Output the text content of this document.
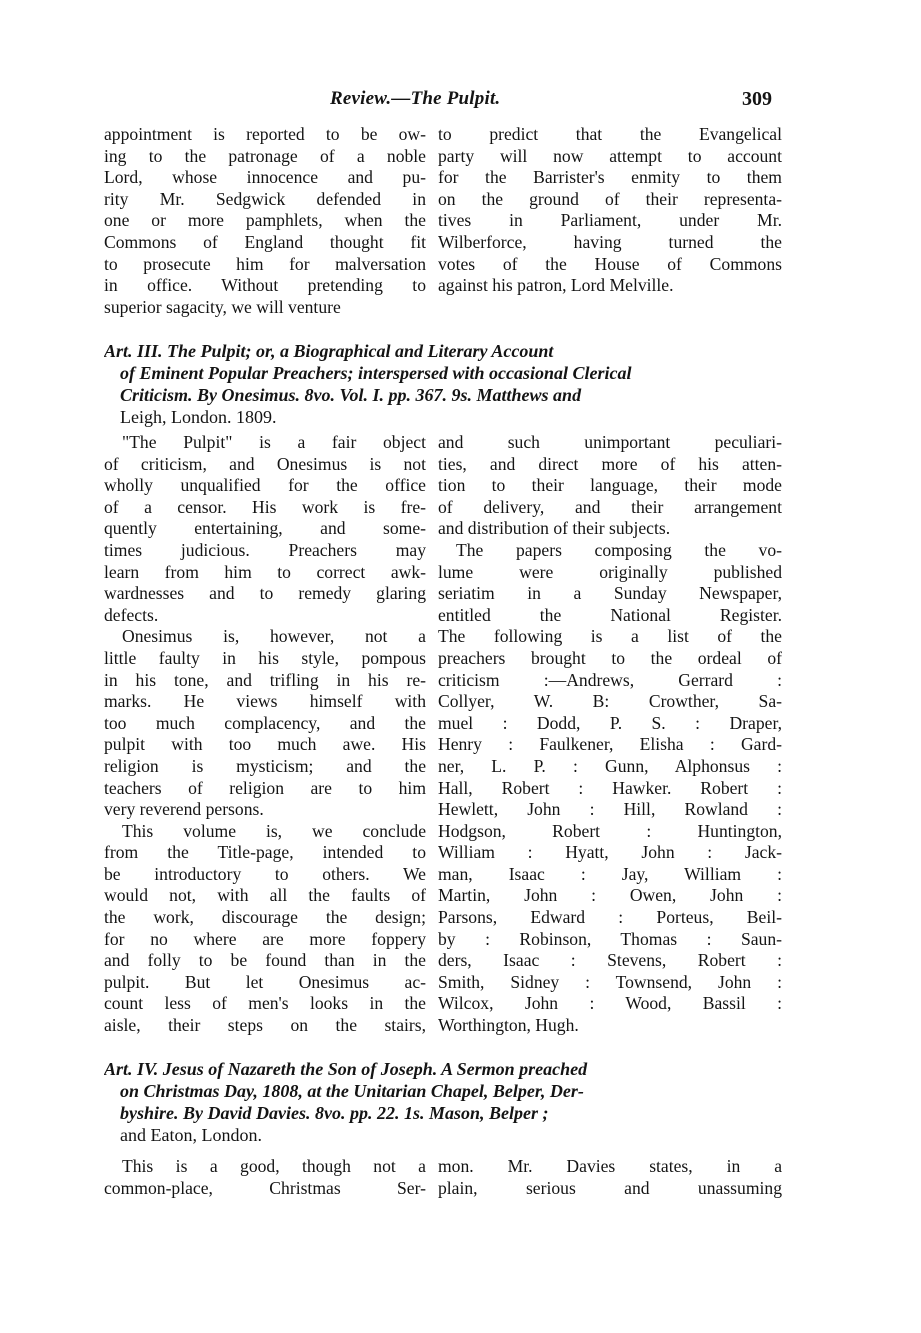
Review.—The Pulpit.	309
appointment is reported to be ow-
ing to the patronage of a noble
Lord, whose innocence and pu-
rity Mr. Sedgwick defended in
one or more pamphlets, when the
Commons of England thought fit
to prosecute him for malversation
in office. Without pretending to
superior sagacity, we will venture
to predict that the Evangelical
party will now attempt to account
for the Barrister's enmity to them
on the ground of their representa-
tives in Parliament, under Mr.
Wilberforce, having turned the
votes of the House of Commons
against his patron, Lord Melville.
Art. III. The Pulpit; or, a Biographical and Literary Account
of Eminent Popular Preachers; interspersed with occasional Clerical
Criticism. By Onesimus. 8vo. Vol. I. pp. 367. 9s. Matthews and
Leigh, London. 1809.
"The Pulpit" is a fair object
of criticism, and Onesimus is not
wholly unqualified for the office
of a censor. His work is fre-
quently entertaining, and some-
times judicious. Preachers may
learn from him to correct awk-
wardnesses and to remedy glaring
defects.
Onesimus is, however, not a
little faulty in his style, pompous
in his tone, and trifling in his re-
marks. He views himself with
too much complacency, and the
pulpit with too much awe. His
religion is mysticism; and the
teachers of religion are to him
very reverend persons.
This volume is, we conclude
from the Title-page, intended to
be introductory to others. We
would not, with all the faults of
the work, discourage the design;
for no where are more foppery
and folly to be found than in the
pulpit. But let Onesimus ac-
count less of men's looks in the
aisle, their steps on the stairs,
and such unimportant peculiari-
ties, and direct more of his atten-
tion to their language, their mode
of delivery, and their arrangement
and distribution of their subjects.
The papers composing the vo-
lume were originally published
seriatim in a Sunday Newspaper,
entitled the National Register.
The following is a list of the
preachers brought to the ordeal of
criticism :—Andrews, Gerrard :
Collyer, W. B: Crowther, Sa-
muel : Dodd, P. S. : Draper,
Henry : Faulkener, Elisha : Gard-
ner, L. P. : Gunn, Alphonsus :
Hall, Robert : Hawker. Robert :
Hewlett, John : Hill, Rowland :
Hodgson, Robert : Huntington,
William : Hyatt, John : Jack-
man, Isaac : Jay, William :
Martin, John : Owen, John :
Parsons, Edward : Porteus, Beil-
by : Robinson, Thomas : Saun-
ders, Isaac : Stevens, Robert :
Smith, Sidney : Townsend, John :
Wilcox, John : Wood, Bassil :
Worthington, Hugh.
Art. IV. Jesus of Nazareth the Son of Joseph. A Sermon preached
on Christmas Day, 1808, at the Unitarian Chapel, Belper, Der-
byshire. By David Davies. 8vo. pp. 22. 1s. Mason, Belper ;
and Eaton, London.
This is a good, though not a
common-place, Christmas Ser-
mon. Mr. Davies states, in a
plain, serious and unassuming
